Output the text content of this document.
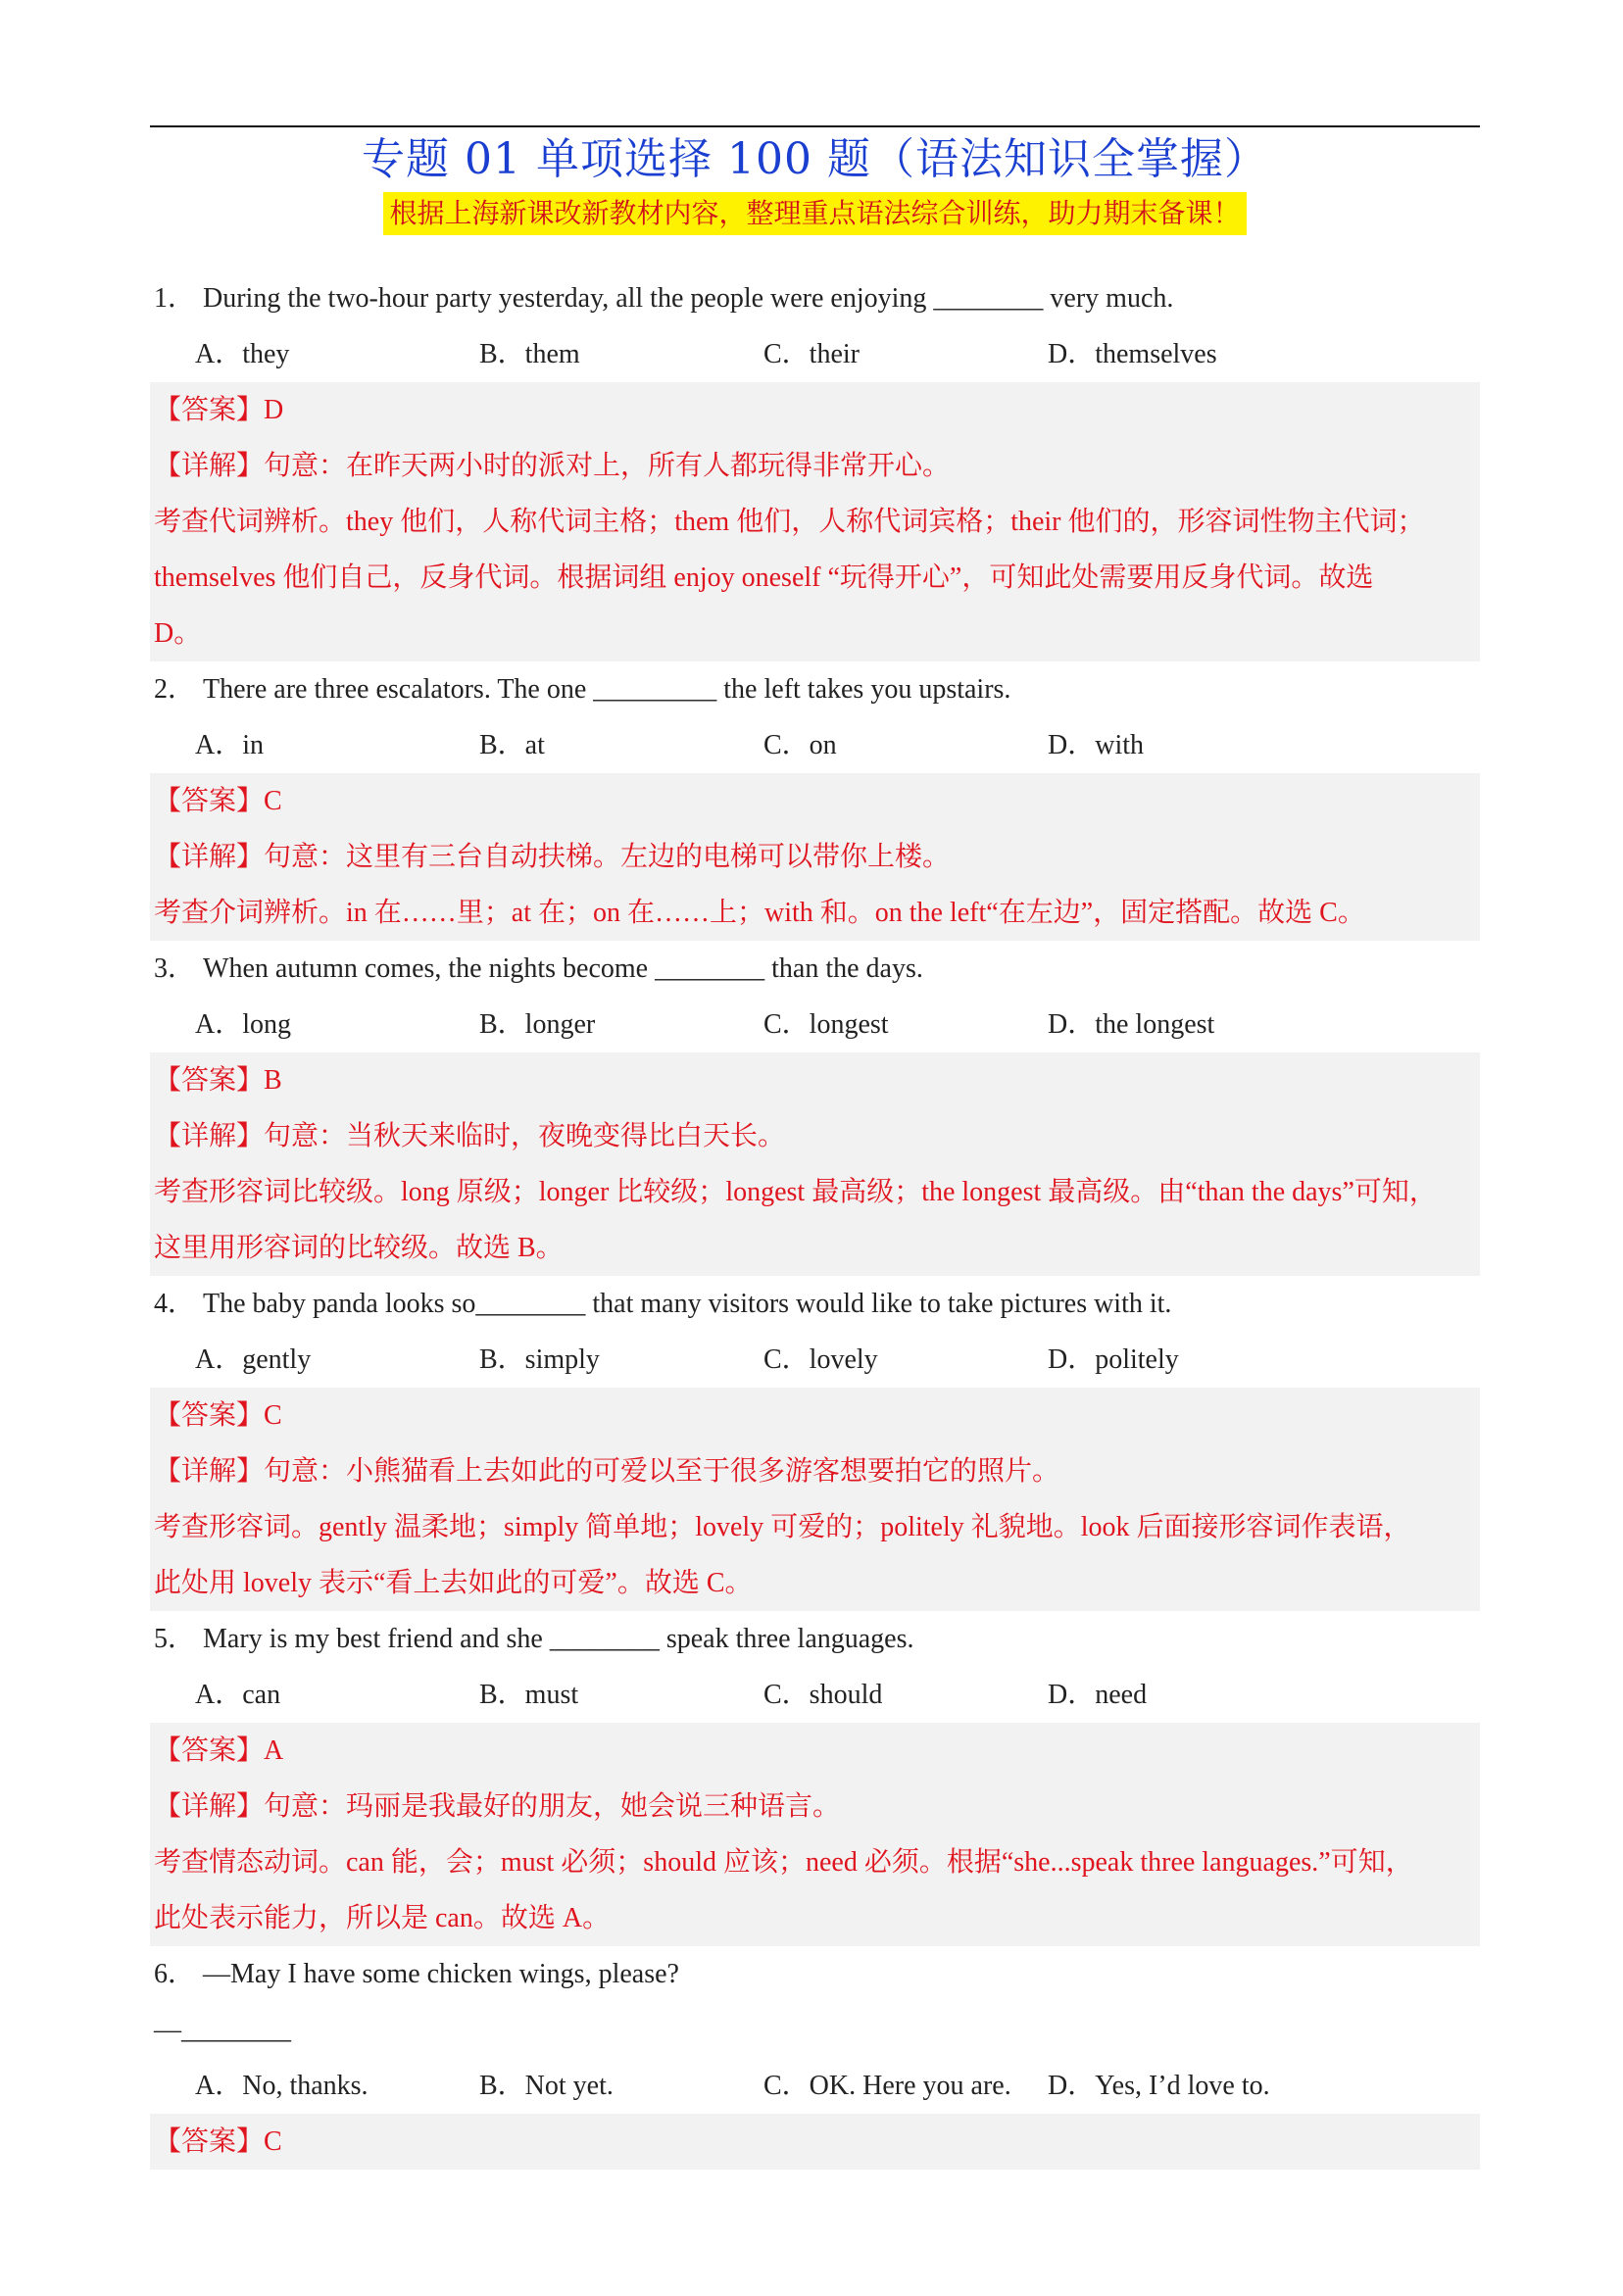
专题 01 单项选择 100 题（语法知识全掌握）
根据上海新课改新教材内容，整理重点语法综合训练，助力期末备课！
1． During the two-hour party yesterday, all the people were enjoying ________ very much.
A．they	B．them	C．their	D．themselves
【答案】D
【详解】句意：在昨天两小时的派对上，所有人都玩得非常开心。
考查代词辨析。they 他们，人称代词主格；them 他们，人称代词宾格；their 他们的，形容词性物主代词；
themselves 他们自己，反身代词。根据词组 enjoy oneself “玩得开心”，可知此处需要用反身代词。故选
D。
2． There are three escalators. The one _________ the left takes you upstairs.
A．in	B．at	C．on	D．with
【答案】C
【详解】句意：这里有三台自动扶梯。左边的电梯可以带你上楼。
考查介词辨析。in 在……里；at 在；on 在……上；with 和。on the left“在左边”，固定搭配。故选 C。
3． When autumn comes, the nights become ________ than the days.
A．long	B．longer	C．longest	D．the longest
【答案】B
【详解】句意：当秋天来临时，夜晚变得比白天长。
考查形容词比较级。long 原级；longer 比较级；longest 最高级；the longest 最高级。由“than the days”可知，
这里用形容词的比较级。故选 B。
4． The baby panda looks so________ that many visitors would like to take pictures with it.
A．gently	B．simply	C．lovely	D．politely
【答案】C
【详解】句意：小熊猫看上去如此的可爱以至于很多游客想要拍它的照片。
考查形容词。gently 温柔地；simply 简单地；lovely 可爱的；politely 礼貌地。look 后面接形容词作表语，
此处用 lovely 表示“看上去如此的可爱”。故选 C。
5． Mary is my best friend and she ________ speak three languages.
A．can	B．must	C．should	D．need
【答案】A
【详解】句意：玛丽是我最好的朋友，她会说三种语言。
考查情态动词。can 能，会；must 必须；should 应该；need 必须。根据“she...speak three languages.”可知，
此处表示能力，所以是 can。故选 A。
6． —May I have some chicken wings, please?
—________
A．No, thanks.	B．Not yet.	C．OK. Here you are.	D．Yes, I’d love to.
【答案】C
